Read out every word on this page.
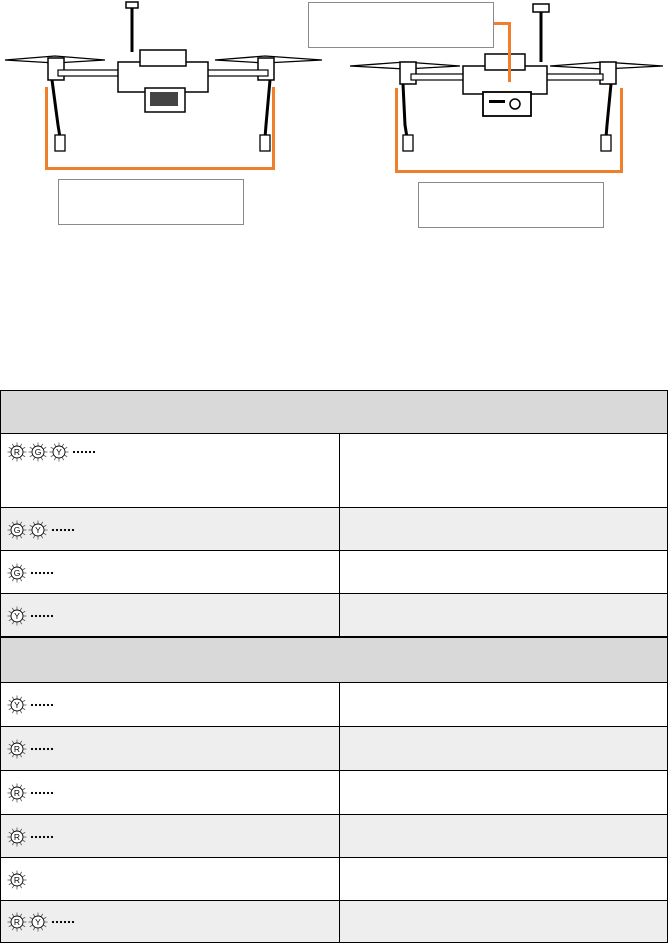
R G Y
G Y
G
Y
Y
R
R
R
R
R Y
